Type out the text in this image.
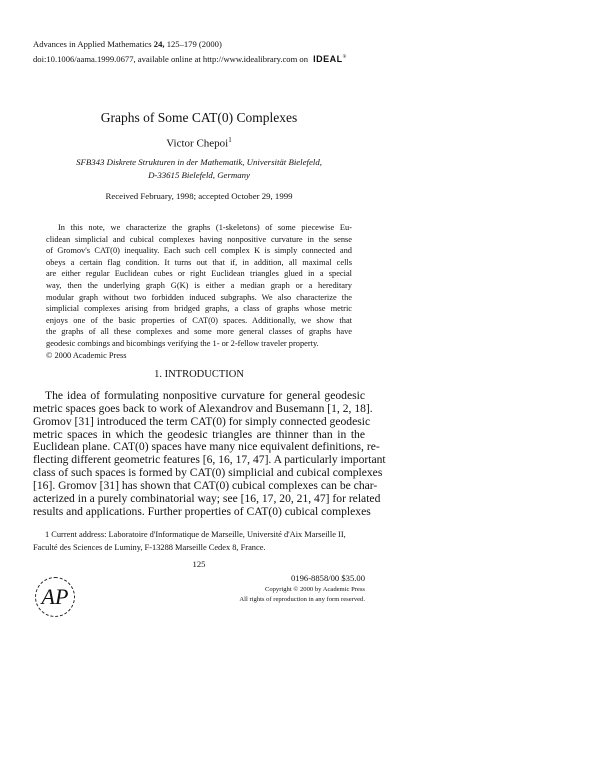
Advances in Applied Mathematics 24, 125–179 (2000)
doi:10.1006/aama.1999.0677, available online at http://www.idealibrary.com on IDEAL®
Graphs of Some CAT(0) Complexes
Victor Chepoi$^1$
SFB343 Diskrete Strukturen in der Mathematik, Universität Bielefeld,
D-33615 Bielefeld, Germany
Received February, 1998; accepted October 29, 1999
In this note, we characterize the graphs (1-skeletons) of some piecewise Eu-
clidean simplicial and cubical complexes having nonpositive curvature in the sense
of Gromov's CAT(0) inequality. Each such cell complex K is simply connected and
obeys a certain flag condition. It turns out that if, in addition, all maximal cells
are either regular Euclidean cubes or right Euclidean triangles glued in a special
way, then the underlying graph G(K) is either a median graph or a hereditary
modular graph without two forbidden induced subgraphs. We also characterize the
simplicial complexes arising from bridged graphs, a class of graphs whose metric
enjoys one of the basic properties of CAT(0) spaces. Additionally, we show that
the graphs of all these complexes and some more general classes of graphs have
geodesic combings and bicombings verifying the 1- or 2-fellow traveler property.
© 2000 Academic Press
1. INTRODUCTION
The idea of formulating nonpositive curvature for general geodesic
metric spaces goes back to work of Alexandrov and Busemann [1, 2, 18].
Gromov [31] introduced the term CAT(0) for simply connected geodesic
metric spaces in which the geodesic triangles are thinner than in the
Euclidean plane. CAT(0) spaces have many nice equivalent definitions, re-
flecting different geometric features [6, 16, 17, 47]. A particularly important
class of such spaces is formed by CAT(0) simplicial and cubical complexes
[16]. Gromov [31] has shown that CAT(0) cubical complexes can be char-
acterized in a purely combinatorial way; see [16, 17, 20, 21, 47] for related
results and applications. Further properties of CAT(0) cubical complexes
1 Current address: Laboratoire d'Informatique de Marseille, Université d'Aix Marseille II,
Faculté des Sciences de Luminy, F-13288 Marseille Cedex 8, France.
125
AP
0196-8858/00 $35.00
Copyright © 2000 by Academic Press
All rights of reproduction in any form reserved.
